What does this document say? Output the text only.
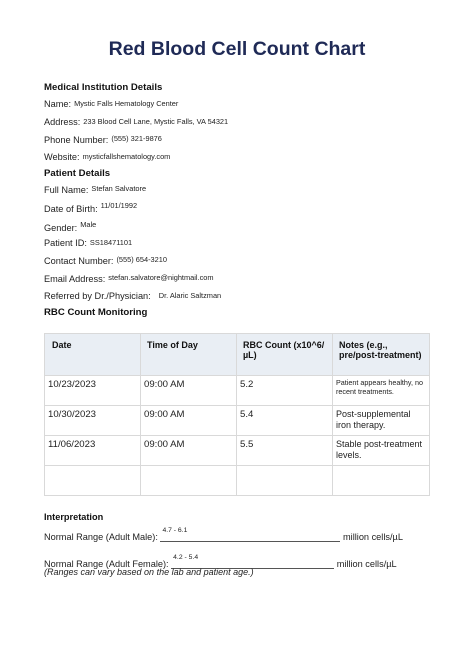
Red Blood Cell Count Chart
Medical Institution Details
Name: Mystic Falls Hematology Center
Address: 233 Blood Cell Lane, Mystic Falls, VA 54321
Phone Number: $^{(555) 321-9876}$
Website: mysticfallshematology.com
Patient Details
Full Name: $^{Stefan Salvatore}$
Date of Birth: $^{11/01/1992}$
Gender: $^{Male}$
Patient ID: SS18471101
Contact Number: $^{(555) 654-3210}$
Email Address: $^{stefan.salvatore@nightmail.com}$
Referred by Dr./Physician: Dr. Alaric Saltzman
RBC Count Monitoring
Date	Time of Day	RBC Count (x10^6/µL)	Notes (e.g., pre/post-treatment)
10/23/2023	09:00 AM	5.2	Patient appears healthy, no recent treatments.
10/30/2023	09:00 AM	5.4	Post-supplemental iron therapy.
11/06/2023	09:00 AM	5.5	Stable post-treatment levels.

Interpretation
Normal Range (Adult Male):
4.7 - 6.1
million cells/µL
Normal Range (Adult Female):
4.2 - 5.4
million cells/µL
(Ranges can vary based on the lab and patient age.)
